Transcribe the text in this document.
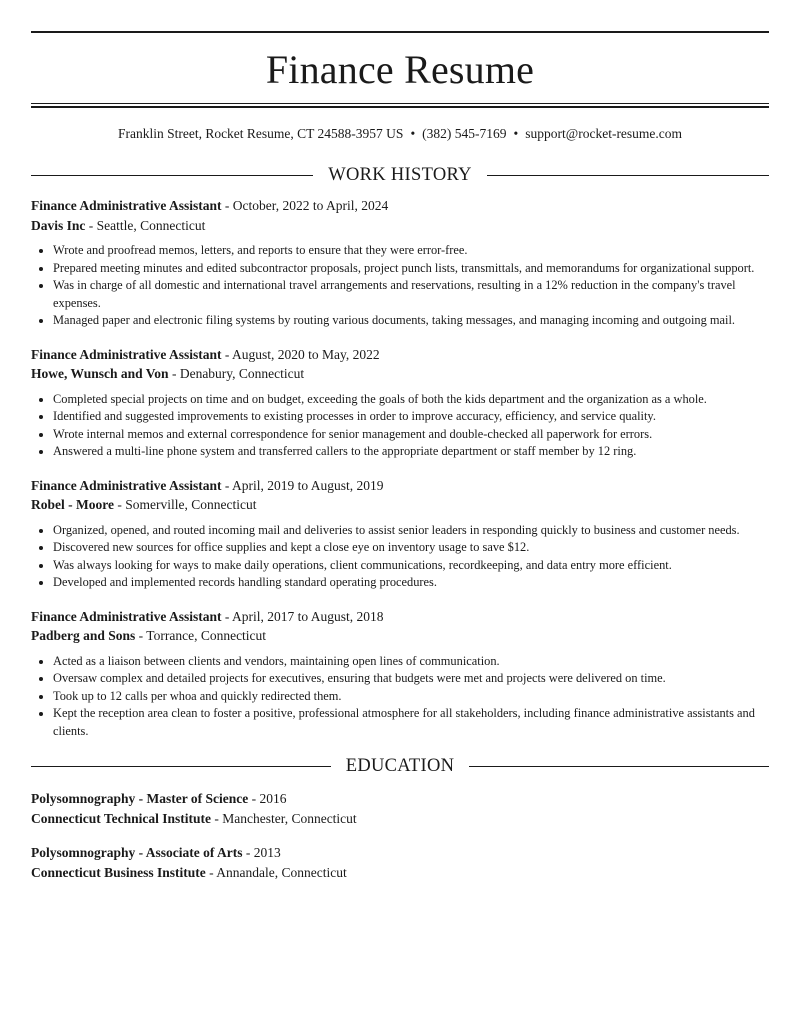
Finance Resume
Franklin Street, Rocket Resume, CT 24588-3957 US • (382) 545-7169 • support@rocket-resume.com
WORK HISTORY
Finance Administrative Assistant - October, 2022 to April, 2024
Davis Inc - Seattle, Connecticut
• Wrote and proofread memos, letters, and reports to ensure that they were error-free.
• Prepared meeting minutes and edited subcontractor proposals, project punch lists, transmittals, and memorandums for organizational support.
• Was in charge of all domestic and international travel arrangements and reservations, resulting in a 12% reduction in the company's travel expenses.
• Managed paper and electronic filing systems by routing various documents, taking messages, and managing incoming and outgoing mail.
Finance Administrative Assistant - August, 2020 to May, 2022
Howe, Wunsch and Von - Denabury, Connecticut
• Completed special projects on time and on budget, exceeding the goals of both the kids department and the organization as a whole.
• Identified and suggested improvements to existing processes in order to improve accuracy, efficiency, and service quality.
• Wrote internal memos and external correspondence for senior management and double-checked all paperwork for errors.
• Answered a multi-line phone system and transferred callers to the appropriate department or staff member by 12 ring.
Finance Administrative Assistant - April, 2019 to August, 2019
Robel - Moore - Somerville, Connecticut
• Organized, opened, and routed incoming mail and deliveries to assist senior leaders in responding quickly to business and customer needs.
• Discovered new sources for office supplies and kept a close eye on inventory usage to save $12.
• Was always looking for ways to make daily operations, client communications, recordkeeping, and data entry more efficient.
• Developed and implemented records handling standard operating procedures.
Finance Administrative Assistant - April, 2017 to August, 2018
Padberg and Sons - Torrance, Connecticut
• Acted as a liaison between clients and vendors, maintaining open lines of communication.
• Oversaw complex and detailed projects for executives, ensuring that budgets were met and projects were delivered on time.
• Took up to 12 calls per whoa and quickly redirected them.
• Kept the reception area clean to foster a positive, professional atmosphere for all stakeholders, including finance administrative assistants and clients.
EDUCATION
Polysomnography - Master of Science - 2016
Connecticut Technical Institute - Manchester, Connecticut
Polysomnography - Associate of Arts - 2013
Connecticut Business Institute - Annandale, Connecticut
